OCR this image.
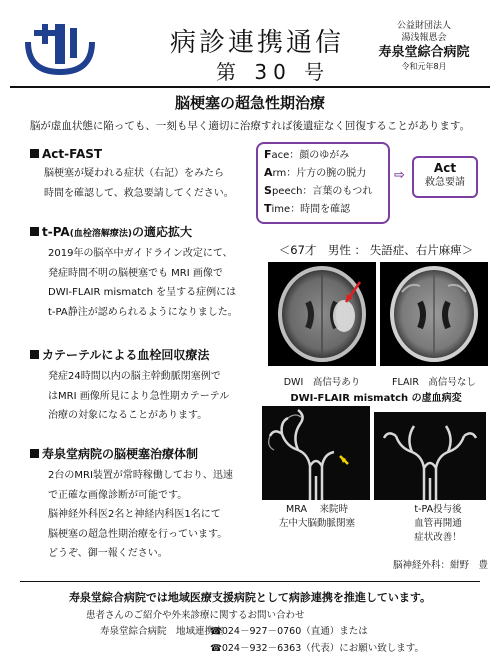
病診連携通信
第 30 号
公益財団法人
湯浅報恩会
寿泉堂綜合病院
令和元年8月
脳梗塞の超急性期治療
脳が虚血状態に陥っても、一刻も早く適切に治療すれば後遺症なく回復することがあります。
Act-FAST
脳梗塞が疑われる症状（右記）をみたら
時間を確認して、救急要請してください。
Face：顔のゆがみ
Arm：片方の腕の脱力
Speech：言葉のもつれ
Time：時間を確認
⇨	Act
救急要請
t-PA(血栓溶解療法)の適応拡大
2019年の脳卒中ガイドライン改定にて、
発症時間不明の脳梗塞でも MRI 画像で
DWI-FLAIR mismatch を呈する症例には
t-PA静注が認められるようになりました。
カテーテルによる血栓回収療法
発症24時間以内の脳主幹動脈閉塞例で
はMRI 画像所見により急性期カテーテル
治療の対象になることがあります。
寿泉堂病院の脳梗塞治療体制
2台のMRI装置が常時稼働しており、迅速
で正確な画像診断が可能です。
脳神経外科医2名と神経内科医1名にて
脳梗塞の超急性期治療を行っています。
どうぞ、御一報ください。
＜67才　男性 ： 失語症、右片麻痺＞
DWI　高信号あり	FLAIR　高信号なし
DWI-FLAIR mismatch の虚血病変
MRA　 来院時
左中大脳動脈閉塞
t-PA投与後
血管再開通
症状改善！
脳神経外科：紺野　豊
寿泉堂綜合病院では地域医療支援病院として病診連携を推進しています。
患者さんのご紹介や外来診療に関するお問い合わせ
寿泉堂綜合病院　地域連携室
☎024－927－0760（直通）または
☎024－932－6363（代表）にお願い致します。
